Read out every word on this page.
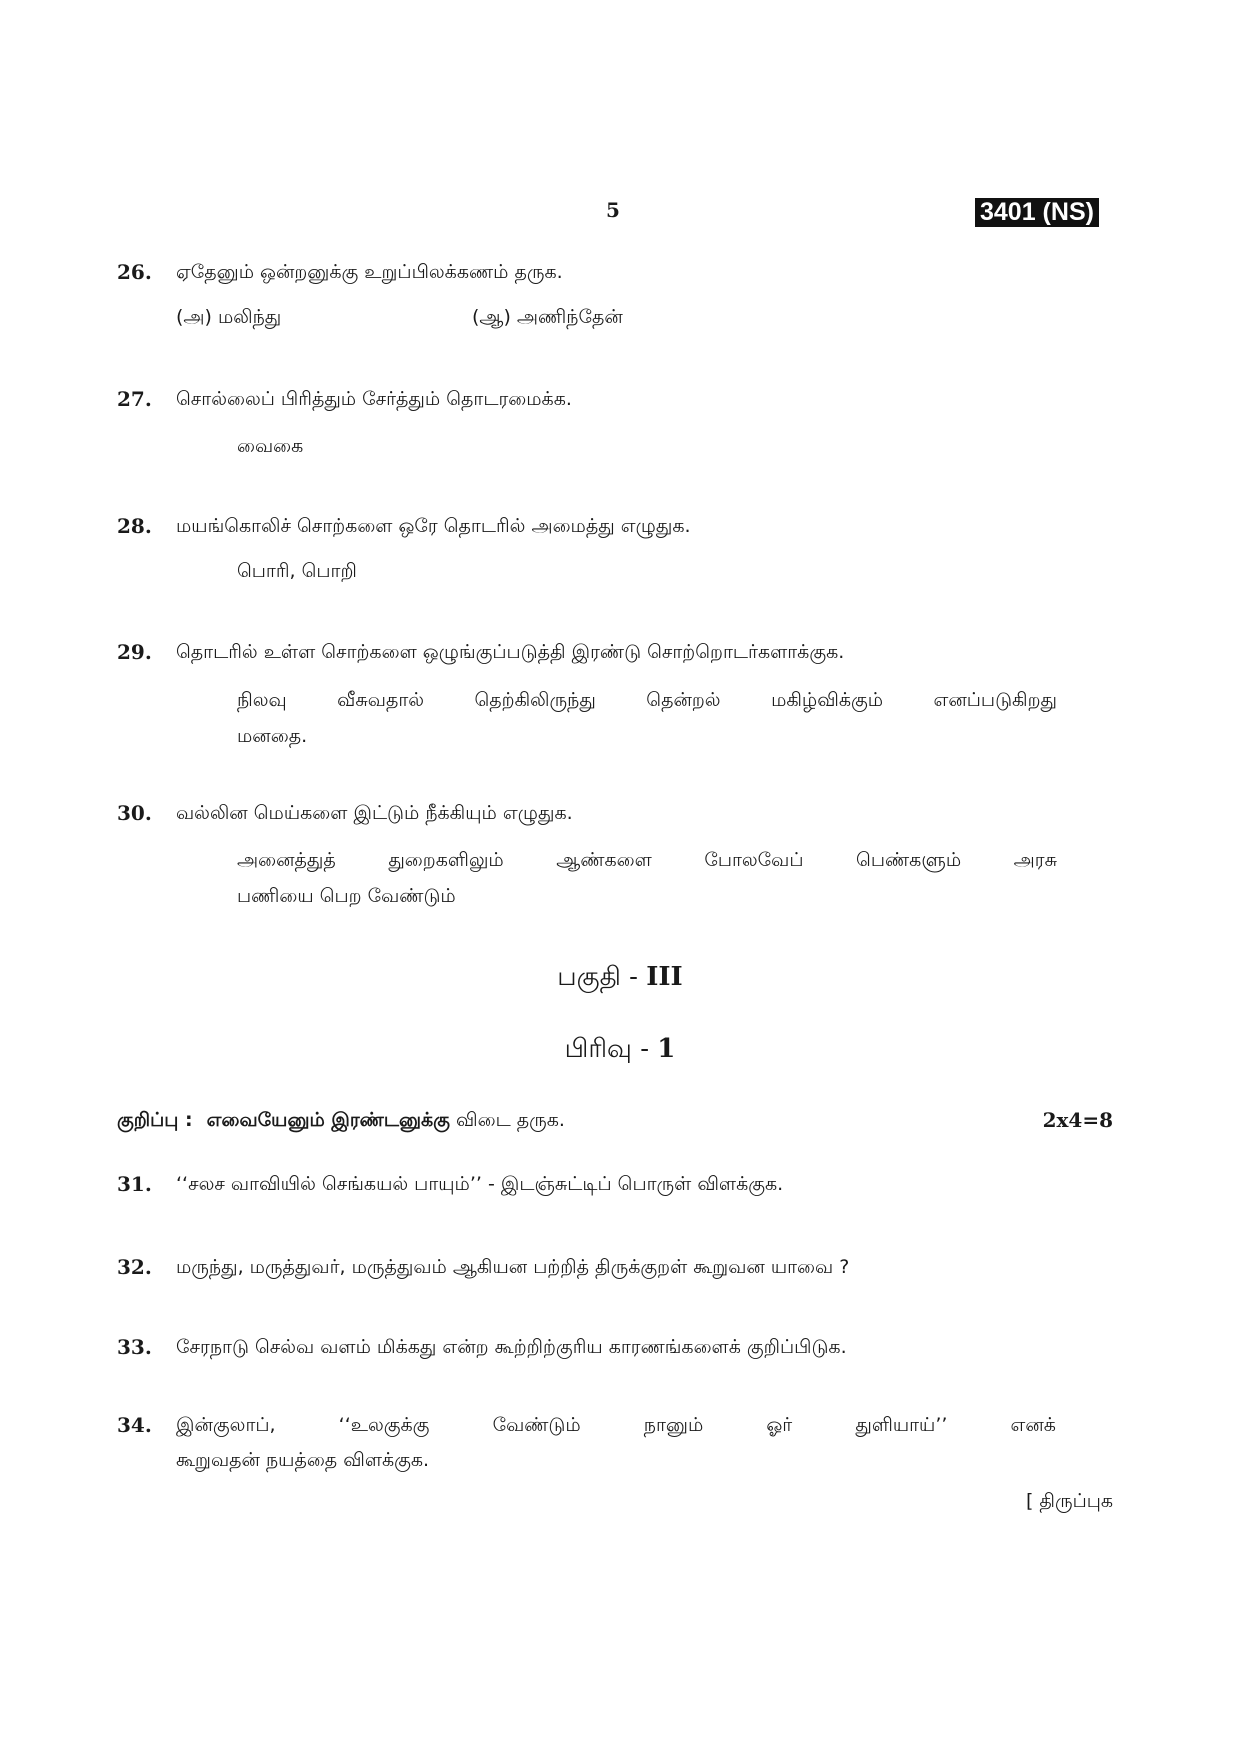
5	3401 (NS)
26. ஏதேனும் ஒன்றனுக்கு உறுப்பிலக்கணம் தருக.
(அ) மலிந்து	(ஆ) அணிந்தேன்
27. சொல்லைப் பிரித்தும் சேர்த்தும் தொடரமைக்க.
வைகை
28. மயங்கொலிச் சொற்களை ஒரே தொடரில் அமைத்து எழுதுக.
பொரி, பொறி
29. தொடரில் உள்ள சொற்களை ஒழுங்குப்படுத்தி இரண்டு சொற்றொடர்களாக்குக.
நிலவு வீசுவதால் தெற்கிலிருந்து தென்றல் மகிழ்விக்கும் எனப்படுகிறது
மனதை.
30. வல்லின மெய்களை இட்டும் நீக்கியும் எழுதுக.
அனைத்துத் துறைகளிலும் ஆண்களை போலவேப் பெண்களும் அரசு
பணியை பெற வேண்டும்
பகுதி - III
பிரிவு - 1
குறிப்பு : எவையேனும் இரண்டனுக்கு விடை தருக.	2x4=8
31. ‘‘சலச வாவியில் செங்கயல் பாயும்’’ - இடஞ்சுட்டிப் பொருள் விளக்குக.
32. மருந்து, மருத்துவர், மருத்துவம் ஆகியன பற்றித் திருக்குறள் கூறுவன யாவை ?
33. சேரநாடு செல்வ வளம் மிக்கது என்ற கூற்றிற்குரிய காரணங்களைக் குறிப்பிடுக.
34. இன்குலாப்,	‘‘உலகுக்கு	வேண்டும்	நானும்	ஓர்	துளியாய்’’	எனக்
கூறுவதன் நயத்தை விளக்குக.
[ திருப்புக
